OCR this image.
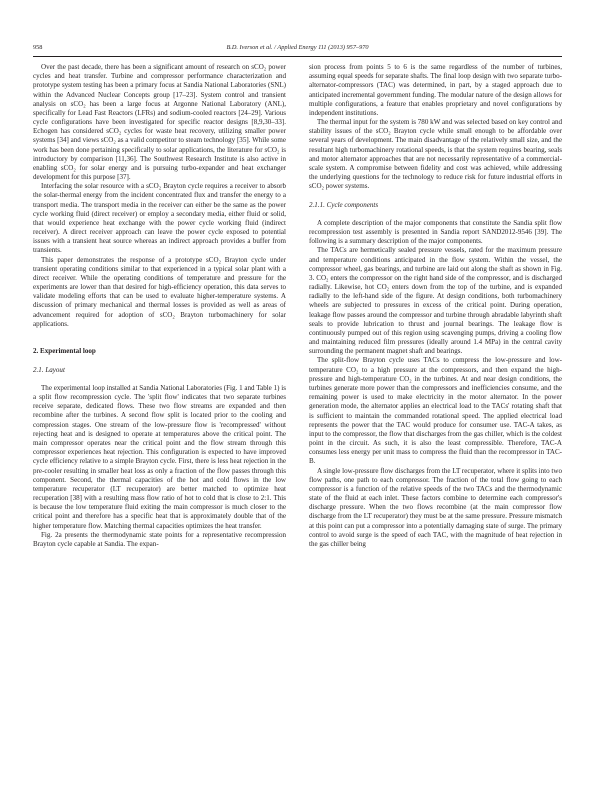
958	B.D. Iverson et al. / Applied Energy 111 (2013) 957–970

Over the past decade, there has been a significant amount of research on sCO₂ power cycles and heat transfer. Turbine and compressor performance characterization and prototype system testing has been a primary focus at Sandia National Laboratories (SNL) within the Advanced Nuclear Concepts group [17–23]. System control and transient analysis on sCO₂ has been a large focus at Argonne National Laboratory (ANL), specifically for Lead Fast Reactors (LFRs) and sodium-cooled reactors [24–29]. Various cycle configurations have been investigated for specific reactor designs [8,9,30–33]. Echogen has considered sCO₂ cycles for waste heat recovery, utilizing smaller power systems [34] and views sCO₂ as a valid competitor to steam technology [35]. While some work has been done pertaining specifically to solar applications, the literature for sCO₂ is introductory by comparison [11,36]. The Southwest Research Institute is also active in enabling sCO₂ for solar energy and is pursuing turbo-expander and heat exchanger development for this purpose [37].

Interfacing the solar resource with a sCO₂ Brayton cycle requires a receiver to absorb the solar-thermal energy from the incident concentrated flux and transfer the energy to a transport media. The transport media in the receiver can either be the same as the power cycle working fluid (direct receiver) or employ a secondary media, either fluid or solid, that would experience heat exchange with the power cycle working fluid (indirect receiver). A direct receiver approach can leave the power cycle exposed to potential issues with a transient heat source whereas an indirect approach provides a buffer from transients.

This paper demonstrates the response of a prototype sCO₂ Brayton cycle under transient operating conditions similar to that experienced in a typical solar plant with a direct receiver. While the operating conditions of temperature and pressure for the experiments are lower than that desired for high-efficiency operation, this data serves to validate modeling efforts that can be used to evaluate higher-temperature systems. A discussion of primary mechanical and thermal losses is provided as well as areas of advancement required for adoption of sCO₂ Brayton turbomachinery for solar applications.

2. Experimental loop
2.1. Layout

The experimental loop installed at Sandia National Laboratories (Fig. 1 and Table 1) is a split flow recompression cycle. The 'split flow' indicates that two separate turbines receive separate, dedicated flows. These two flow streams are expanded and then recombine after the turbines. A second flow split is located prior to the cooling and compression stages. One stream of the low-pressure flow is 'recompressed' without rejecting heat and is designed to operate at temperatures above the critical point. The main compressor operates near the critical point and the flow stream through this compressor experiences heat rejection. This configuration is expected to have improved cycle efficiency relative to a simple Brayton cycle. First, there is less heat rejection in the pre-cooler resulting in smaller heat loss as only a fraction of the flow passes through this component. Second, the thermal capacities of the hot and cold flows in the low temperature recuperator (LT recuperator) are better matched to optimize heat recuperation [38] with a resulting mass flow ratio of hot to cold that is close to 2:1. This is because the low temperature fluid exiting the main compressor is much closer to the critical point and therefore has a specific heat that is approximately double that of the higher temperature flow. Matching thermal capacities optimizes the heat transfer.

Fig. 2a presents the thermodynamic state points for a representative recompression Brayton cycle capable at Sandia. The expan-

sion process from points 5 to 6 is the same regardless of the number of turbines, assuming equal speeds for separate shafts. The final loop design with two separate turbo-alternator-compressors (TAC) was determined, in part, by a staged approach due to anticipated incremental government funding. The modular nature of the design allows for multiple configurations, a feature that enables proprietary and novel configurations by independent institutions.

The thermal input for the system is 780 kW and was selected based on key control and stability issues of the sCO₂ Brayton cycle while small enough to be affordable over several years of development. The main disadvantage of the relatively small size, and the resultant high turbomachinery rotational speeds, is that the system requires bearing, seals and motor alternator approaches that are not necessarily representative of a commercial-scale system. A compromise between fidelity and cost was achieved, while addressing the underlying questions for the technology to reduce risk for future industrial efforts in sCO₂ power systems.

2.1.1. Cycle components

A complete description of the major components that constitute the Sandia split flow recompression test assembly is presented in Sandia report SAND2012-9546 [39]. The following is a summary description of the major components.

The TACs are hermetically sealed pressure vessels, rated for the maximum pressure and temperature conditions anticipated in the flow system. Within the vessel, the compressor wheel, gas bearings, and turbine are laid out along the shaft as shown in Fig. 3. CO₂ enters the compressor on the right hand side of the compressor, and is discharged radially. Likewise, hot CO₂ enters down from the top of the turbine, and is expanded radially to the left-hand side of the figure. At design conditions, both turbomachinery wheels are subjected to pressures in excess of the critical point. During operation, leakage flow passes around the compressor and turbine through abradable labyrinth shaft seals to provide lubrication to thrust and journal bearings. The leakage flow is continuously pumped out of this region using scavenging pumps, driving a cooling flow and maintaining reduced film pressures (ideally around 1.4 MPa) in the central cavity surrounding the permanent magnet shaft and bearings.

The split-flow Brayton cycle uses TACs to compress the low-pressure and low-temperature CO₂ to a high pressure at the compressors, and then expand the high-pressure and high-temperature CO₂ in the turbines. At and near design conditions, the turbines generate more power than the compressors and inefficiencies consume, and the remaining power is used to make electricity in the motor alternator. In the power generation mode, the alternator applies an electrical load to the TACs' rotating shaft that is sufficient to maintain the commanded rotational speed. The applied electrical load represents the power that the TAC would produce for consumer use. TAC-A takes, as input to the compressor, the flow that discharges from the gas chiller, which is the coldest point in the circuit. As such, it is also the least compressible. Therefore, TAC-A consumes less energy per unit mass to compress the fluid than the recompressor in TAC-B.

A single low-pressure flow discharges from the LT recuperator, where it splits into two flow paths, one path to each compressor. The fraction of the total flow going to each compressor is a function of the relative speeds of the two TACs and the thermodynamic state of the fluid at each inlet. These factors combine to determine each compressor's discharge pressure. When the two flows recombine (at the main compressor flow discharge from the LT recuperator) they must be at the same pressure. Pressure mismatch at this point can put a compressor into a potentially damaging state of surge. The primary control to avoid surge is the speed of each TAC, with the magnitude of heat rejection in the gas chiller being
